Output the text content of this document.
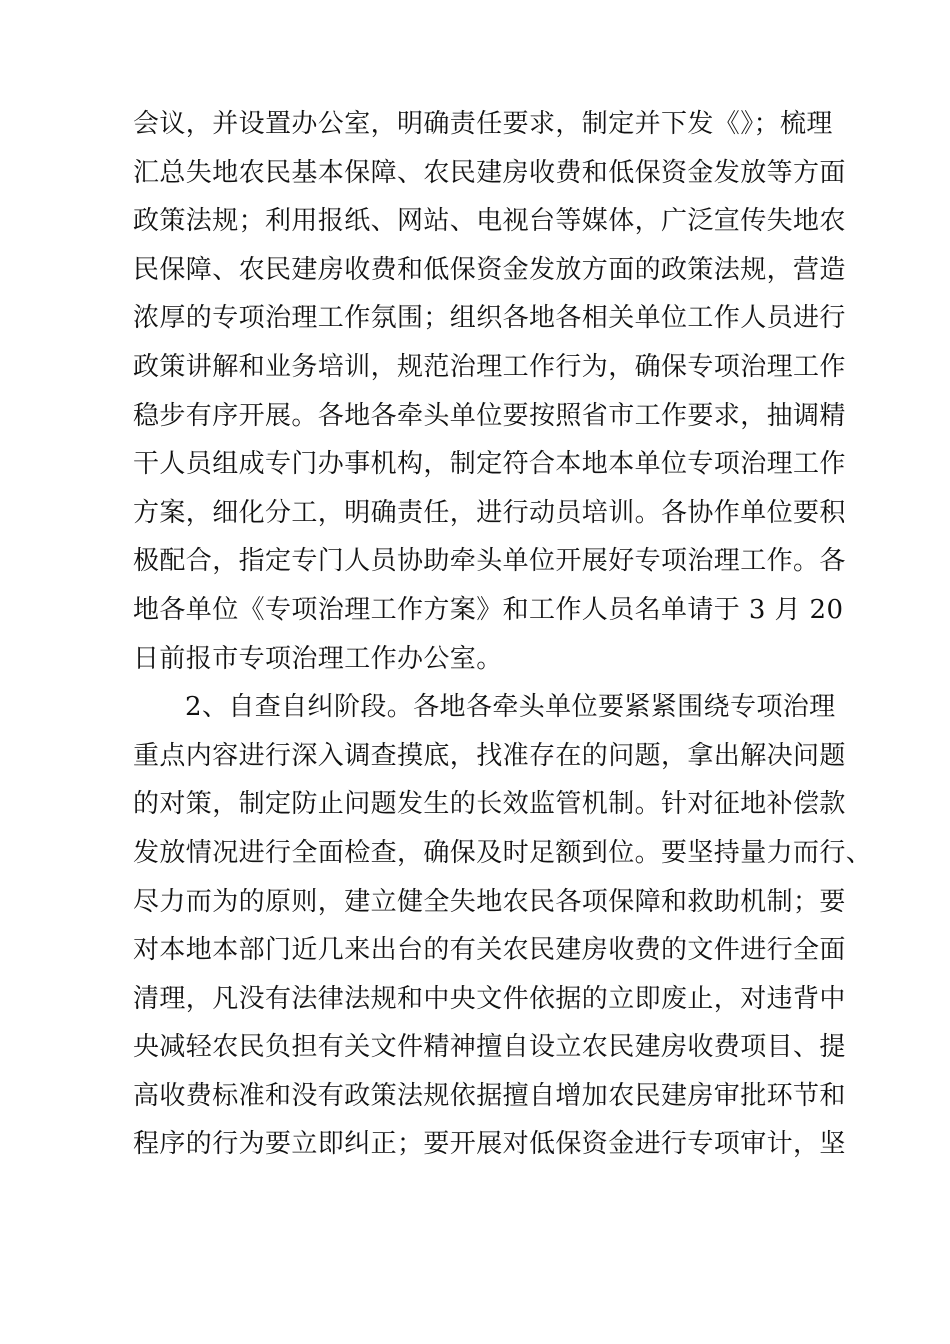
会议，并设置办公室，明确责任要求，制定并下发《》；梳理
汇总失地农民基本保障、农民建房收费和低保资金发放等方面
政策法规；利用报纸、网站、电视台等媒体，广泛宣传失地农
民保障、农民建房收费和低保资金发放方面的政策法规，营造
浓厚的专项治理工作氛围；组织各地各相关单位工作人员进行
政策讲解和业务培训，规范治理工作行为，确保专项治理工作
稳步有序开展。各地各牵头单位要按照省市工作要求，抽调精
干人员组成专门办事机构，制定符合本地本单位专项治理工作
方案，细化分工，明确责任，进行动员培训。各协作单位要积
极配合，指定专门人员协助牵头单位开展好专项治理工作。各
地各单位《专项治理工作方案》和工作人员名单请于 3 月 20
日前报市专项治理工作办公室。
2、自查自纠阶段。各地各牵头单位要紧紧围绕专项治理
重点内容进行深入调查摸底，找准存在的问题，拿出解决问题
的对策，制定防止问题发生的长效监管机制。针对征地补偿款
发放情况进行全面检查，确保及时足额到位。要坚持量力而行、
尽力而为的原则，建立健全失地农民各项保障和救助机制；要
对本地本部门近几来出台的有关农民建房收费的文件进行全面
清理，凡没有法律法规和中央文件依据的立即废止，对违背中
央减轻农民负担有关文件精神擅自设立农民建房收费项目、提
高收费标准和没有政策法规依据擅自增加农民建房审批环节和
程序的行为要立即纠正；要开展对低保资金进行专项审计，坚
